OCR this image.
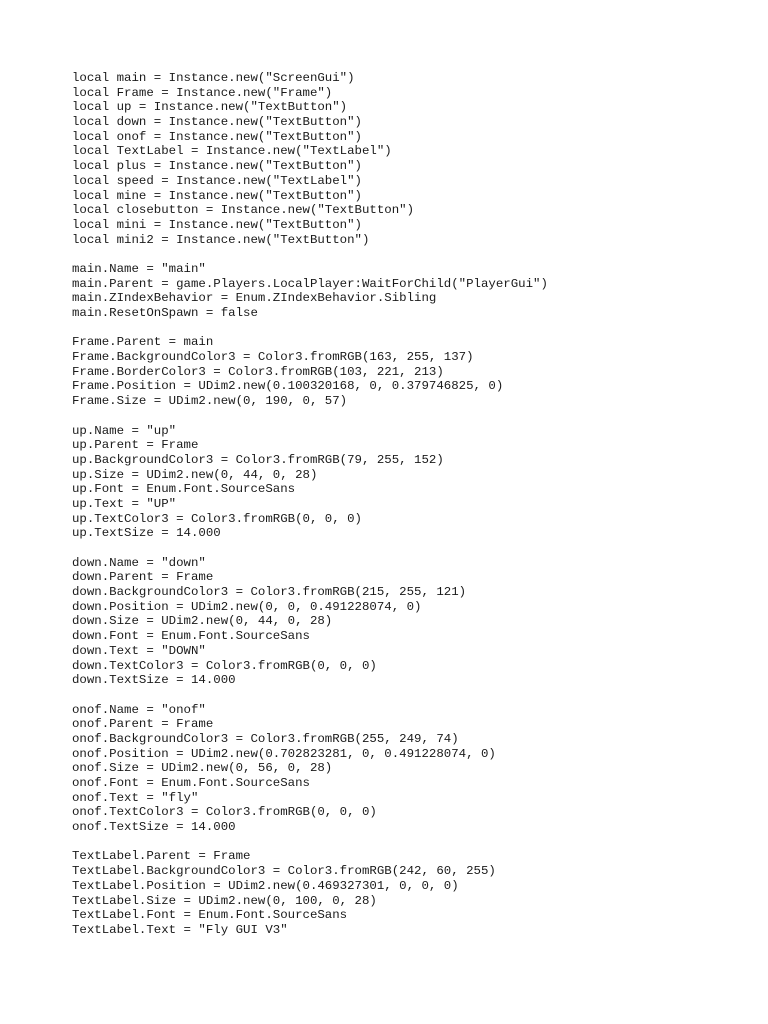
local main = Instance.new("ScreenGui")
local Frame = Instance.new("Frame")
local up = Instance.new("TextButton")
local down = Instance.new("TextButton")
local onof = Instance.new("TextButton")
local TextLabel = Instance.new("TextLabel")
local plus = Instance.new("TextButton")
local speed = Instance.new("TextLabel")
local mine = Instance.new("TextButton")
local closebutton = Instance.new("TextButton")
local mini = Instance.new("TextButton")
local mini2 = Instance.new("TextButton")
main.Name = "main"
main.Parent = game.Players.LocalPlayer:WaitForChild("PlayerGui")
main.ZIndexBehavior = Enum.ZIndexBehavior.Sibling
main.ResetOnSpawn = false
Frame.Parent = main
Frame.BackgroundColor3 = Color3.fromRGB(163, 255, 137)
Frame.BorderColor3 = Color3.fromRGB(103, 221, 213)
Frame.Position = UDim2.new(0.100320168, 0, 0.379746825, 0)
Frame.Size = UDim2.new(0, 190, 0, 57)
up.Name = "up"
up.Parent = Frame
up.BackgroundColor3 = Color3.fromRGB(79, 255, 152)
up.Size = UDim2.new(0, 44, 0, 28)
up.Font = Enum.Font.SourceSans
up.Text = "UP"
up.TextColor3 = Color3.fromRGB(0, 0, 0)
up.TextSize = 14.000
down.Name = "down"
down.Parent = Frame
down.BackgroundColor3 = Color3.fromRGB(215, 255, 121)
down.Position = UDim2.new(0, 0, 0.491228074, 0)
down.Size = UDim2.new(0, 44, 0, 28)
down.Font = Enum.Font.SourceSans
down.Text = "DOWN"
down.TextColor3 = Color3.fromRGB(0, 0, 0)
down.TextSize = 14.000
onof.Name = "onof"
onof.Parent = Frame
onof.BackgroundColor3 = Color3.fromRGB(255, 249, 74)
onof.Position = UDim2.new(0.702823281, 0, 0.491228074, 0)
onof.Size = UDim2.new(0, 56, 0, 28)
onof.Font = Enum.Font.SourceSans
onof.Text = "fly"
onof.TextColor3 = Color3.fromRGB(0, 0, 0)
onof.TextSize = 14.000
TextLabel.Parent = Frame
TextLabel.BackgroundColor3 = Color3.fromRGB(242, 60, 255)
TextLabel.Position = UDim2.new(0.469327301, 0, 0, 0)
TextLabel.Size = UDim2.new(0, 100, 0, 28)
TextLabel.Font = Enum.Font.SourceSans
TextLabel.Text = "Fly GUI V3"
